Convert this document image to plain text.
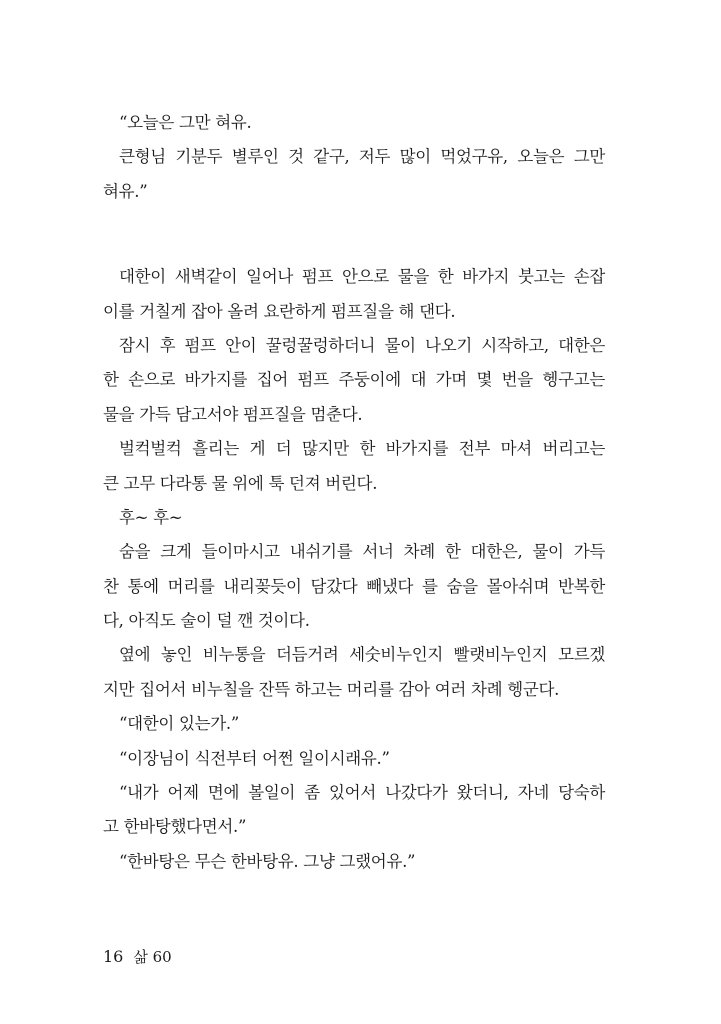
“오늘은 그만 혀유.
큰형님 기분두 별루인 것 같구, 저두 많이 먹었구유, 오늘은 그만
혀유.”
대한이 새벽같이 일어나 펌프 안으로 물을 한 바가지 붓고는 손잡
이를 거칠게 잡아 올려 요란하게 펌프질을 해 댄다.
잠시 후 펌프 안이 꿀렁꿀렁하더니 물이 나오기 시작하고, 대한은
한 손으로 바가지를 집어 펌프 주둥이에 대 가며 몇 번을 헹구고는
물을 가득 담고서야 펌프질을 멈춘다.
벌컥벌컥 흘리는 게 더 많지만 한 바가지를 전부 마셔 버리고는
큰 고무 다라통 물 위에 툭 던져 버린다.
후~ 후~
숨을 크게 들이마시고 내쉬기를 서너 차례 한 대한은, 물이 가득
찬 통에 머리를 내리꽂듯이 담갔다 빼냈다 를 숨을 몰아쉬며 반복한
다, 아직도 술이 덜 깬 것이다.
옆에 놓인 비누통을 더듬거려 세숫비누인지 빨랫비누인지 모르겠
지만 집어서 비누칠을 잔뜩 하고는 머리를 감아 여러 차례 헹군다.
“대한이 있는가.”
“이장님이 식전부터 어쩐 일이시래유.”
“내가 어제 면에 볼일이 좀 있어서 나갔다가 왔더니, 자네 당숙하
고 한바탕했다면서.”
“한바탕은 무슨 한바탕유. 그냥 그랬어유.”
16 삶 60
